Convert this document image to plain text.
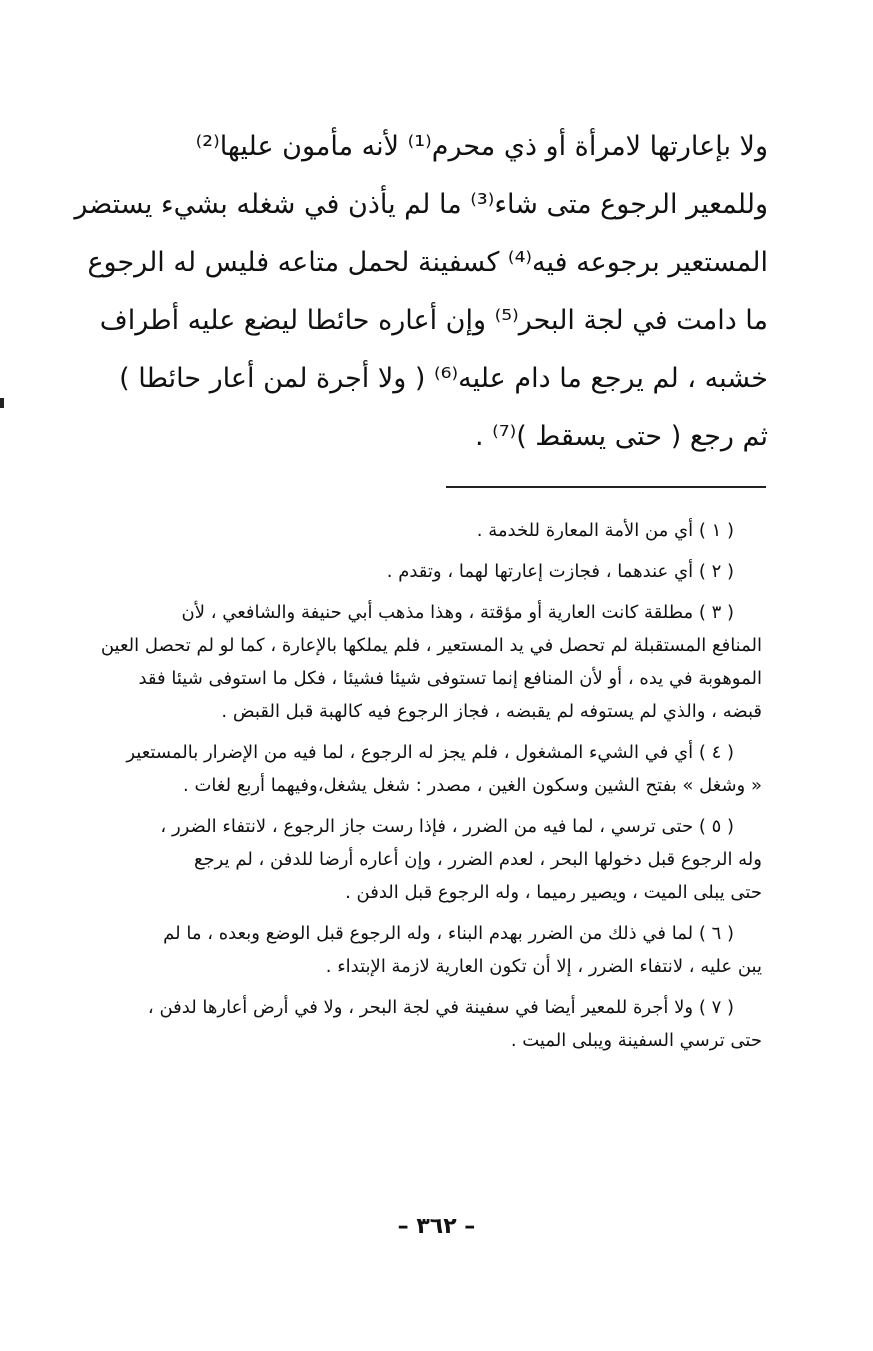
ولا بإعارتها لامرأة أو ذي محرم⁽¹⁾ لأنه مأمون عليها⁽²⁾
وللمعير الرجوع متى شاء⁽³⁾ ما لم يأذن في شغله بشيء يستضر
المستعير برجوعه فيه⁽⁴⁾ كسفينة لحمل متاعه فليس له الرجوع
ما دامت في لجة البحر⁽⁵⁾ وإن أعاره حائطا ليضع عليه أطراف
خشبه ، لم يرجع ما دام عليه⁽⁶⁾ ( ولا أجرة لمن أعار حائطا )
ثم رجع ( حتى يسقط )⁽⁷⁾ .
( ١ ) أي من الأمة المعارة للخدمة .
( ٢ ) أي عندهما ، فجازت إعارتها لهما ، وتقدم .
( ٣ ) مطلقة كانت العارية أو مؤقتة ، وهذا مذهب أبي حنيفة والشافعي ، لأن
المنافع المستقبلة لم تحصل في يد المستعير ، فلم يملكها بالإعارة ، كما لو لم تحصل العين
الموهوبة في يده ، أو لأن المنافع إنما تستوفى شيئا فشيئا ، فكل ما استوفى شيئا فقد
قبضه ، والذي لم يستوفه لم يقبضه ، فجاز الرجوع فيه كالهبة قبل القبض .
( ٤ ) أي في الشيء المشغول ، فلم يجز له الرجوع ، لما فيه من الإضرار بالمستعير
« وشغل » بفتح الشين وسكون الغين ، مصدر : شغل يشغل،وفيهما أربع لغات .
( ٥ ) حتى ترسي ، لما فيه من الضرر ، فإذا رست جاز الرجوع ، لانتفاء الضرر ،
وله الرجوع قبل دخولها البحر ، لعدم الضرر ، وإن أعاره أرضا للدفن ، لم يرجع
حتى يبلى الميت ، ويصير رميما ، وله الرجوع قبل الدفن .
( ٦ ) لما في ذلك من الضرر بهدم البناء ، وله الرجوع قبل الوضع وبعده ، ما لم
يبن عليه ، لانتفاء الضرر ، إلا أن تكون العارية لازمة الإبتداء .
( ٧ ) ولا أجرة للمعير أيضا في سفينة في لجة البحر ، ولا في أرض أعارها لدفن ،
حتى ترسي السفينة ويبلى الميت .
– ٣٦٢ –
